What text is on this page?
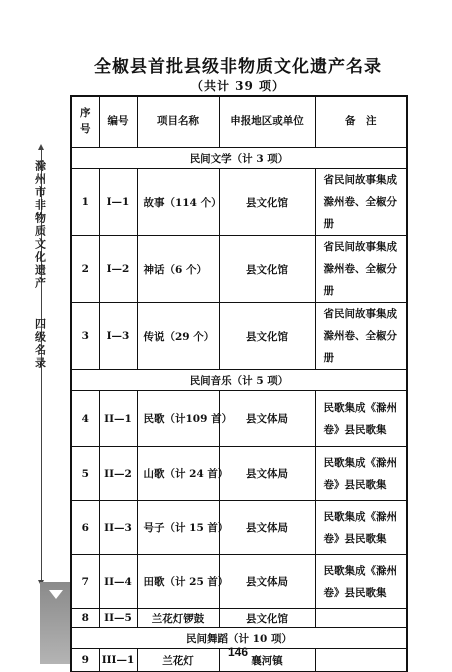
滁州市非物质文化遗产
四级名录
全椒县首批县级非物质文化遗产名录
（共计 39 项）
序号	编号	项目名称	申报地区或单位	备　注
民间文学（计 3 项）				
1	I—1	故事（114 个）	县文化馆	省民间故事集成滁州卷、全椒分册
2	I—2	神话（6 个）	县文化馆	省民间故事集成滁州卷、全椒分册
3	I—3	传说（29 个）	县文化馆	省民间故事集成滁州卷、全椒分册
民间音乐（计 5 项）				
4	II—1	民歌（计109 首）	县文体局	民歌集成《滁州卷》县民歌集
5	II—2	山歌（计 24 首）	县文体局	民歌集成《滁州卷》县民歌集
6	II—3	号子（计 15 首）	县文体局	民歌集成《滁州卷》县民歌集
7	II—4	田歌（计 25 首）	县文体局	民歌集成《滁州卷》县民歌集
8	II—5	兰花灯锣鼓	县文化馆	
民间舞蹈（计 10 项）				
9	III—1	兰花灯	襄河镇	
146
